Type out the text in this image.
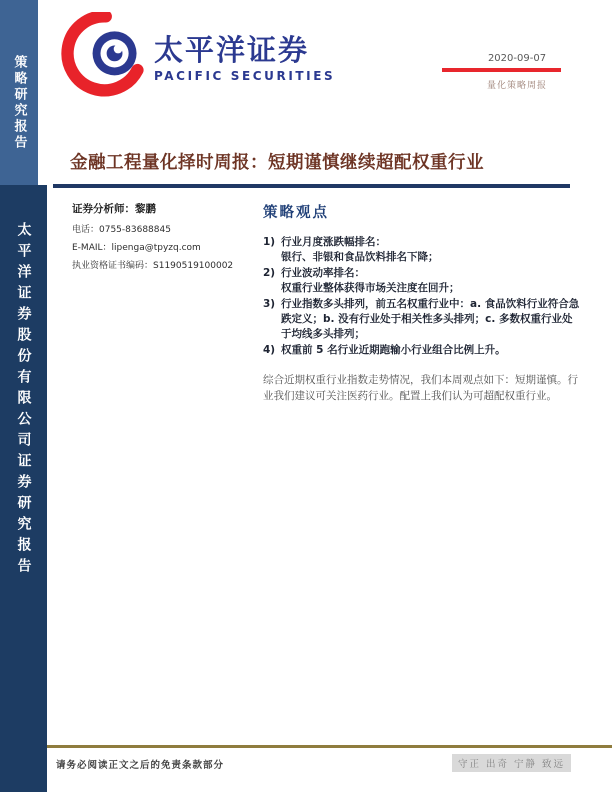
策略研究报告
太平洋证券股份有限公司证券研究报告
太平洋证券
PACIFIC SECURITIES
2020-09-07
量化策略周报
金融工程量化择时周报：短期谨慎继续超配权重行业
证券分析师：黎鹏
电话：0755-83688845
E-MAIL：lipenga@tpyzq.com
执业资格证书编码：S1190519100002
策略观点
1) 行业月度涨跌幅排名：
银行、非银和食品饮料排名下降；
2) 行业波动率排名：
权重行业整体获得市场关注度在回升；
3) 行业指数多头排列，前五名权重行业中：a. 食品饮料行业符合急跌定义；b. 没有行业处于相关性多头排列；c. 多数权重行业处于均线多头排列；
4) 权重前 5 名行业近期跑输小行业组合比例上升。

综合近期权重行业指数走势情况，我们本周观点如下：短期谨慎。行业我们建议可关注医药行业。配置上我们认为可超配权重行业。

请务必阅读正文之后的免责条款部分	守正 出奇 宁静 致远
